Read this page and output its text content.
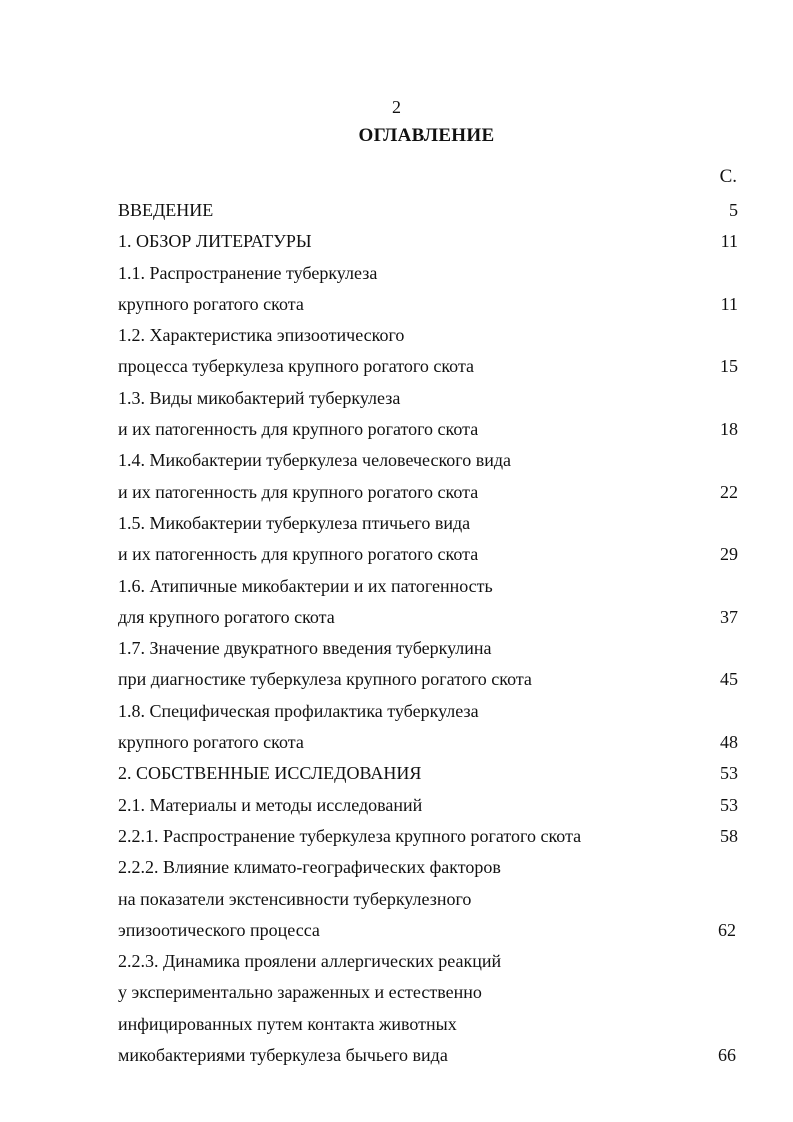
2
ОГЛАВЛЕНИЕ
С.
ВВЕДЕНИЕ	5
1. ОБЗОР ЛИТЕРАТУРЫ	11
1.1. Распространение туберкулеза
крупного рогатого скота	11
1.2. Характеристика эпизоотического
процесса туберкулеза крупного рогатого скота	15
1.3. Виды микобактерий туберкулеза
и их патогенность для крупного рогатого скота	18
1.4. Микобактерии туберкулеза человеческого вида
и их патогенность для крупного рогатого скота	22
1.5. Микобактерии туберкулеза птичьего вида
и их патогенность для крупного рогатого скота	29
1.6. Атипичные микобактерии и их патогенность
для крупного рогатого скота	37
1.7. Значение двукратного введения туберкулина
при диагностике туберкулеза крупного рогатого скота	45
1.8. Специфическая профилактика туберкулеза
крупного рогатого скота	48
2. СОБСТВЕННЫЕ ИССЛЕДОВАНИЯ	53
2.1. Материалы и методы исследований	53
2.2.1. Распространение туберкулеза крупного рогатого скота	58
2.2.2. Влияние климато-географических факторов
на показатели экстенсивности туберкулезного
эпизоотического процесса	62
2.2.3. Динамика проялени аллергических реакций
у экспериментально зараженных и естественно
инфицированных путем контакта животных
микобактериями туберкулеза бычьего вида	66
